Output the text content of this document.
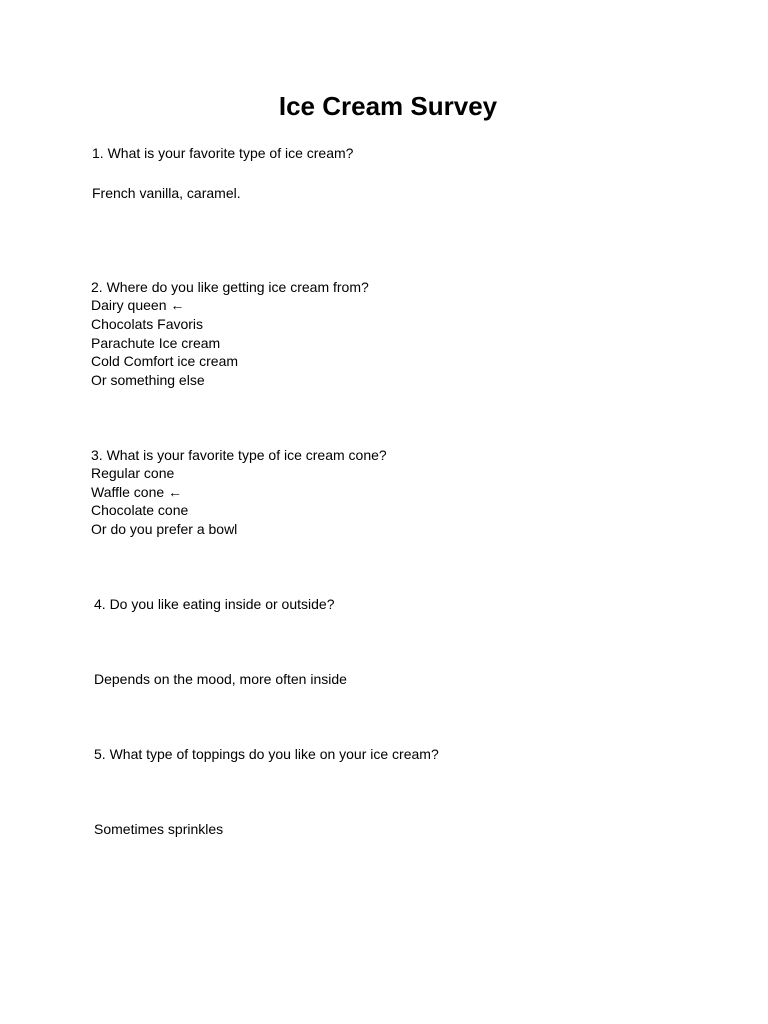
Ice Cream Survey

1. What is your favorite type of ice cream?

French vanilla, caramel.

2. Where do you like getting ice cream from?

Dairy queen ←

Chocolats Favoris

Parachute Ice cream

Cold Comfort ice cream

Or something else

3. What is your favorite type of ice cream cone?

Regular cone

Waffle cone ←

Chocolate cone

Or do you prefer a bowl

4. Do you like eating inside or outside?

Depends on the mood, more often inside

5. What type of toppings do you like on your ice cream?

Sometimes sprinkles
